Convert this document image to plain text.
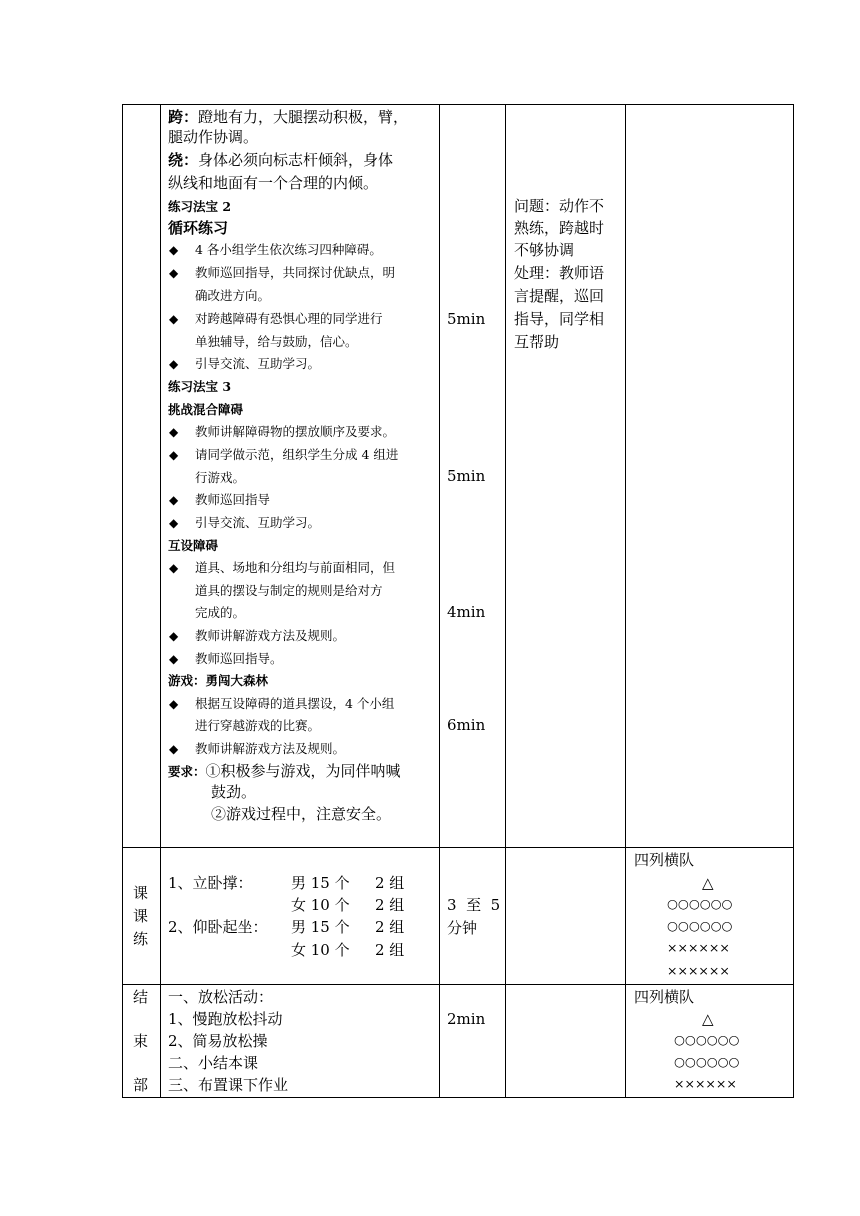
跨：蹬地有力，大腿摆动积极，臂，
腿动作协调。
绕：身体必须向标志杆倾斜，身体
纵线和地面有一个合理的内倾。
练习法宝 2
循环练习
◆ 4 各小组学生依次练习四种障碍。
◆ 教师巡回指导，共同探讨优缺点，明
确改进方向。
◆ 对跨越障碍有恐惧心理的同学进行
单独辅导，给与鼓励，信心。
◆ 引导交流、互助学习。
练习法宝 3
挑战混合障碍
◆ 教师讲解障碍物的摆放顺序及要求。
◆ 请同学做示范，组织学生分成 4 组进
行游戏。
◆ 教师巡回指导
◆ 引导交流、互助学习。
互设障碍
◆ 道具、场地和分组均与前面相同，但
道具的摆设与制定的规则是给对方
完成的。
◆ 教师讲解游戏方法及规则。
◆ 教师巡回指导。
游戏：勇闯大森林
◆ 根据互设障碍的道具摆设，4 个小组
进行穿越游戏的比赛。
◆ 教师讲解游戏方法及规则。
要求：①积极参与游戏，为同伴呐喊
鼓劲。
②游戏过程中，注意安全。
5min
5min
4min
6min
问题：动作不
熟练，跨越时
不够协调
处理：教师语
言提醒，巡回
指导，同学相
互帮助
课
课
练
1、立卧撑：	男 15 个 2 组
女 10 个 2 组
2、仰卧起坐： 男 15 个 2 组
女 10 个 2 组
3  至  5
分钟
四列横队
△
○○○○○○
○○○○○○
××××××
××××××
结
束
部
一、放松活动：
1、慢跑放松抖动
2、简易放松操
二、小结本课
三、布置课下作业
2min
四列横队
△
○○○○○○
○○○○○○
××××××
